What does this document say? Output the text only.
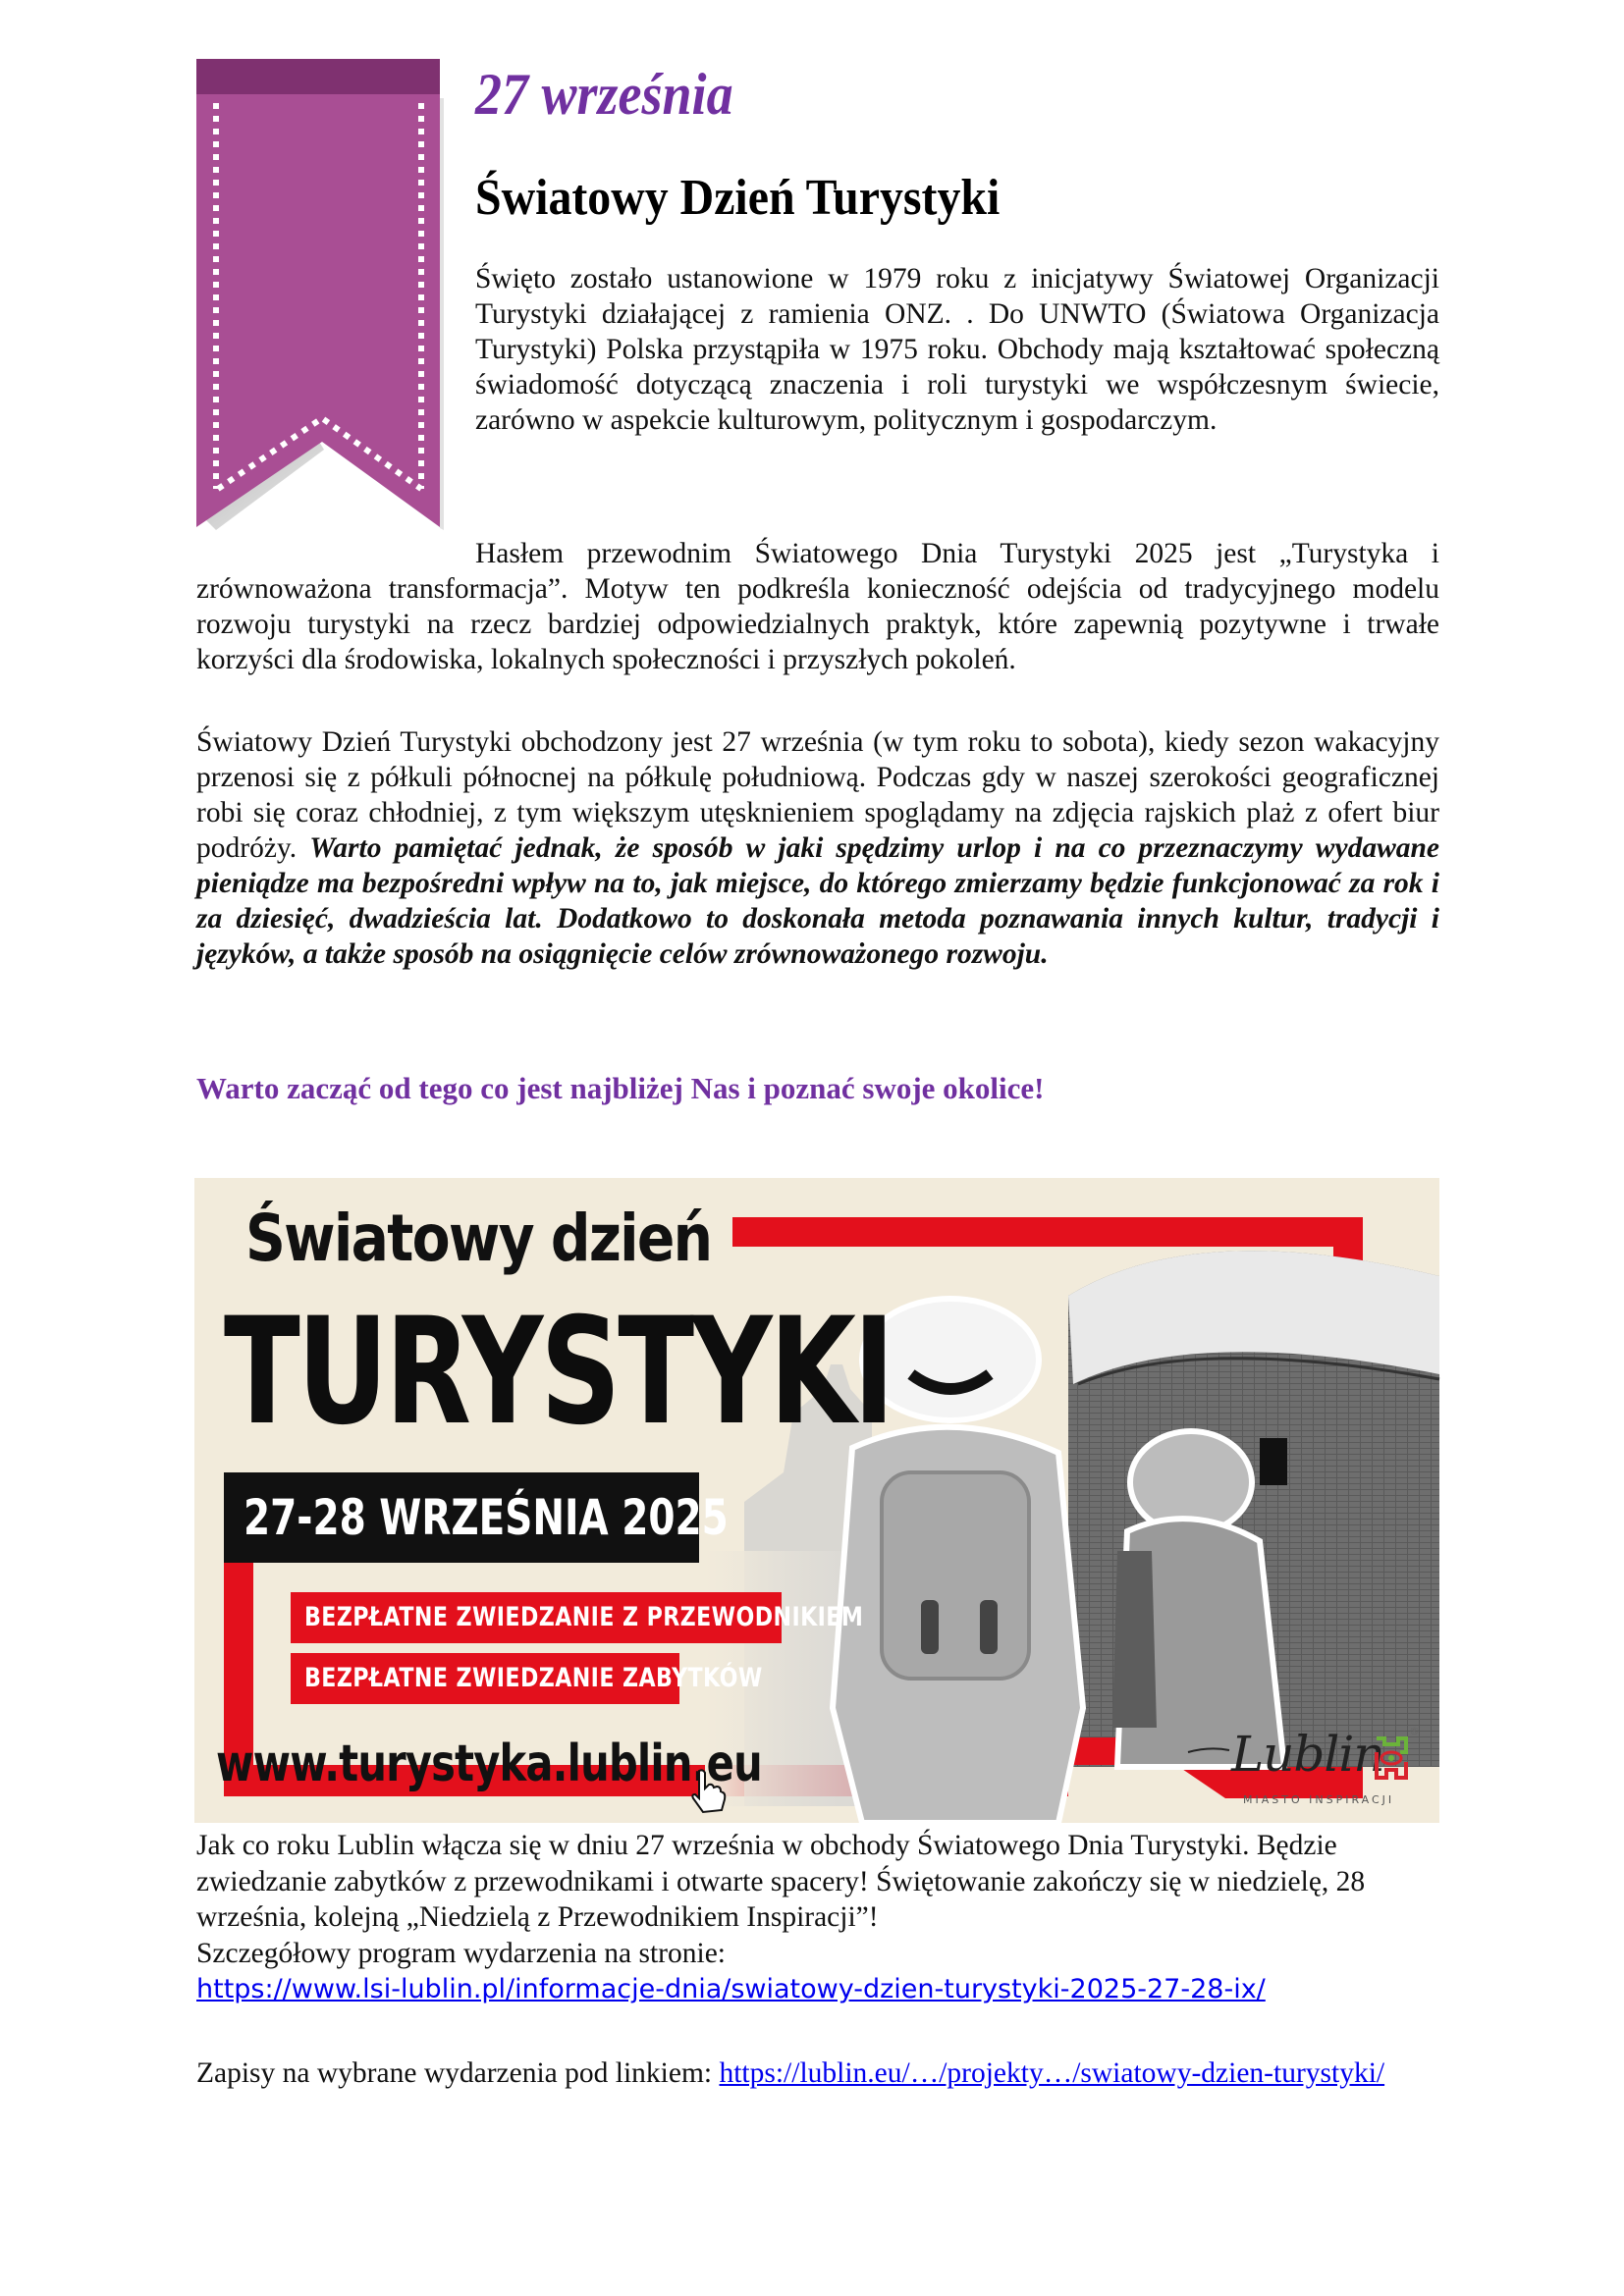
27 września
Światowy Dzień Turystyki

Święto zostało ustanowione w 1979 roku z inicjatywy Światowej Organizacji Turystyki działającej z ramienia ONZ. . Do UNWTO (Światowa Organizacja Turystyki) Polska przystąpiła w 1975 roku. Obchody mają kształtować społeczną świadomość dotyczącą znaczenia i roli turystyki we współczesnym świecie, zarówno w aspekcie kulturowym, politycznym i gospodarczym.

Hasłem przewodnim Światowego Dnia Turystyki 2025 jest „Turystyka i zrównoważona transformacja”. Motyw ten podkreśla konieczność odejścia od tradycyjnego modelu rozwoju turystyki na rzecz bardziej odpowiedzialnych praktyk, które zapewnią pozytywne i trwałe korzyści dla środowiska, lokalnych społeczności i przyszłych pokoleń.

Światowy Dzień Turystyki obchodzony jest 27 września (w tym roku to sobota), kiedy sezon wakacyjny przenosi się z półkuli północnej na półkulę południową. Podczas gdy w naszej szerokości geograficznej robi się coraz chłodniej, z tym większym utęsknieniem spoglądamy na zdjęcia rajskich plaż z ofert biur podróży. Warto pamiętać jednak, że sposób w jaki spędzimy urlop i na co przeznaczymy wydawane pieniądze ma bezpośredni wpływ na to, jak miejsce, do którego zmierzamy będzie funkcjonować za rok i za dziesięć, dwadzieścia lat. Dodatkowo to doskonała metoda poznawania innych kultur, tradycji i języków, a także sposób na osiągnięcie celów zrównoważonego rozwoju.

Warto zacząć od tego co jest najbliżej Nas i poznać swoje okolice!

Światowy dzień
TURYSTYKI
27-28 WRZEŚNIA 2025
BEZPŁATNE ZWIEDZANIE Z PRZEWODNIKIEM
BEZPŁATNE ZWIEDZANIE ZABYTKÓW
www.turystyka.lublin.eu	Lublin ®
MIASTO INSPIRACJI

Jak co roku Lublin włącza się w dniu 27 września w obchody Światowego Dnia Turystyki. Będzie zwiedzanie zabytków z przewodnikami i otwarte spacery! Świętowanie zakończy się w niedzielę, 28 września, kolejną „Niedzielą z Przewodnikiem Inspiracji”!
Szczegółowy program wydarzenia na stronie:
https://www.lsi-lublin.pl/informacje-dnia/swiatowy-dzien-turystyki-2025-27-28-ix/

Zapisy na wybrane wydarzenia pod linkiem: https://lublin.eu/…/projekty…/swiatowy-dzien-turystyki/
